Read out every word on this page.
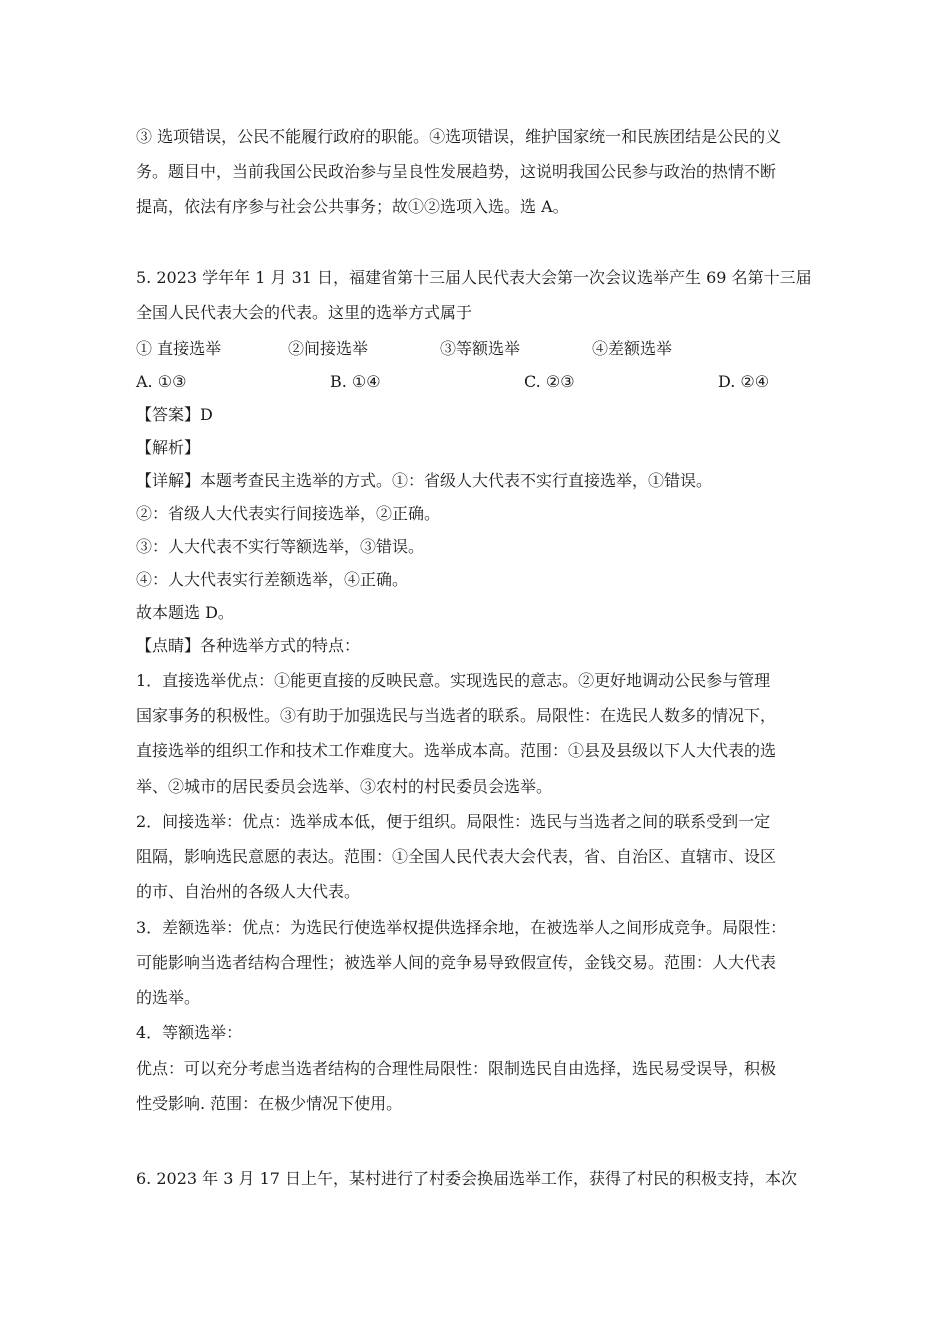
③ 选项错误，公民不能履行政府的职能。④选项错误，维护国家统一和民族团结是公民的义
务。题目中，当前我国公民政治参与呈良性发展趋势，这说明我国公民参与政治的热情不断
提高，依法有序参与社会公共事务；故①②选项入选。选 A。
5. 2023 学年年 1 月 31 日，福建省第十三届人民代表大会第一次会议选举产生 69 名第十三届
全国人民代表大会的代表。这里的选举方式属于
① 直接选举	②间接选举	③等额选举	④差额选举
A. ①③	B. ①④	C. ②③	D. ②④
【答案】D
【解析】
【详解】本题考查民主选举的方式。①：省级人大代表不实行直接选举，①错误。
②：省级人大代表实行间接选举，②正确。
③：人大代表不实行等额选举，③错误。
④：人大代表实行差额选举，④正确。
故本题选 D。
【点睛】各种选举方式的特点：
1．直接选举优点：①能更直接的反映民意。实现选民的意志。②更好地调动公民参与管理
国家事务的积极性。③有助于加强选民与当选者的联系。局限性：在选民人数多的情况下，
直接选举的组织工作和技术工作难度大。选举成本高。范围：①县及县级以下人大代表的选
举、②城市的居民委员会选举、③农村的村民委员会选举。
2．间接选举：优点：选举成本低，便于组织。局限性：选民与当选者之间的联系受到一定
阻隔，影响选民意愿的表达。范围：①全国人民代表大会代表，省、自治区、直辖市、设区
的市、自治州的各级人大代表。
3．差额选举：优点：为选民行使选举权提供选择余地，在被选举人之间形成竞争。局限性：
可能影响当选者结构合理性；被选举人间的竞争易导致假宣传，金钱交易。范围：人大代表
的选举。
4．等额选举：
优点：可以充分考虑当选者结构的合理性局限性：限制选民自由选择，选民易受误导，积极
性受影响. 范围：在极少情况下使用。
6. 2023 年 3 月 17 日上午，某村进行了村委会换届选举工作，获得了村民的积极支持，本次
